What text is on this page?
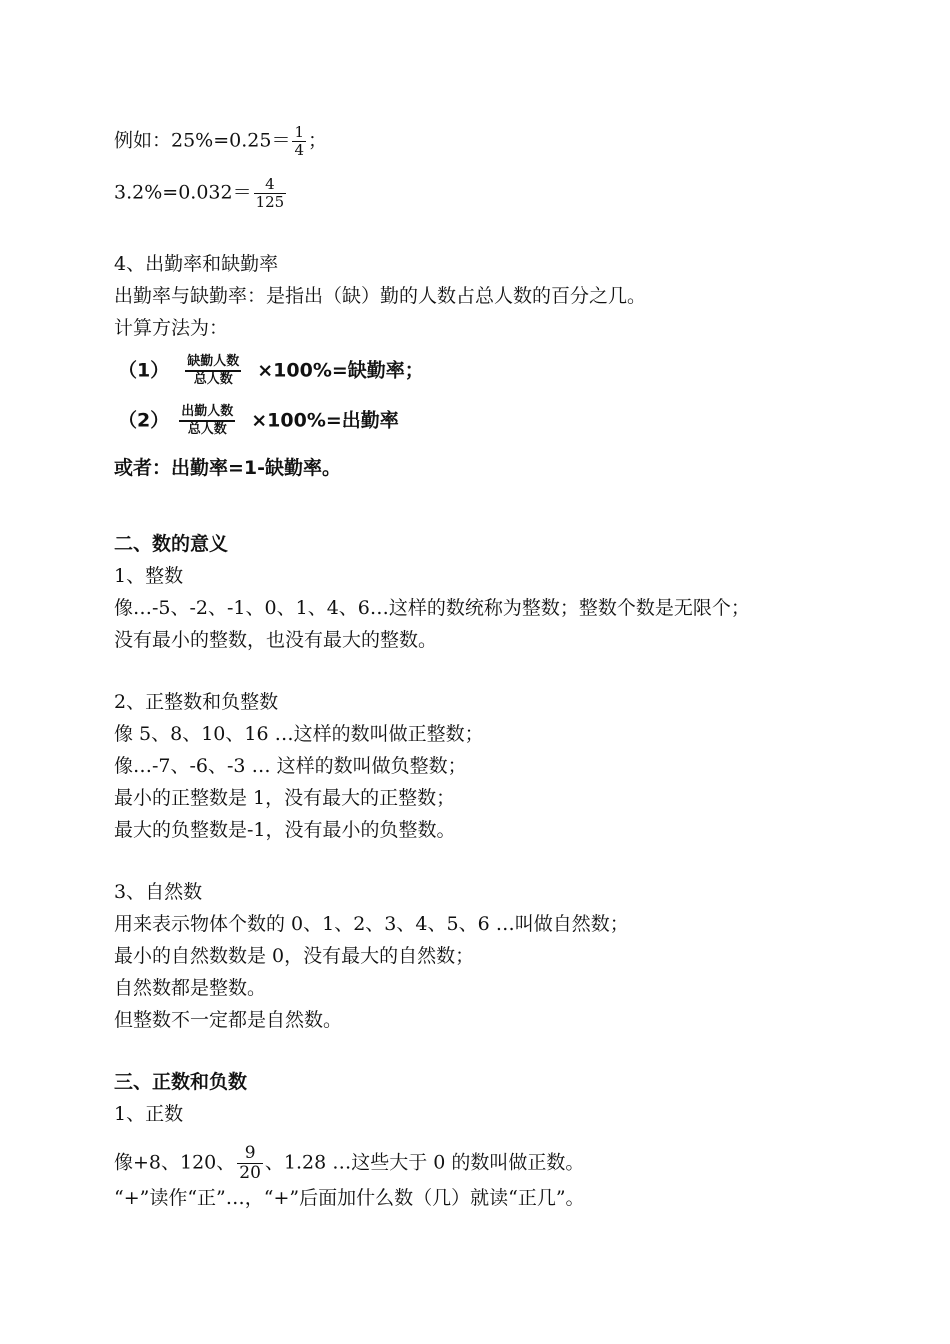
例如：$25\%=0.25= \frac{1}{4}$ ；
$3.2\%=0.032= \frac{4}{125}$
4、出勤率和缺勤率
出勤率与缺勤率：是指出（缺）勤的人数占总人数的百分之几。
计算方法为：
$(1) \frac{\text{缺勤人数}}{\text{总人数}} \times 100\%=$缺勤率；
$(2) \frac{\text{出勤人数}}{\text{总人数}} \times 100\%=$出勤率
或者：出勤率=1-缺勤率。
二、数的意义
1、整数
像…-5、-2、-1、0、1、4、6…这样的数统称为整数；整数个数是无限个；
没有最小的整数，也没有最大的整数。
2、正整数和负整数
像 5、8、10、16 …这样的数叫做正整数；
像…-7、-6、-3 … 这样的数叫做负整数；
最小的正整数是 1，没有最大的正整数；
最大的负整数是-1，没有最小的负整数。
3、自然数
用来表示物体个数的 0、1、2、3、4、5、6 …叫做自然数；
最小的自然数数是 0，没有最大的自然数；
自然数都是整数。
但整数不一定都是自然数。
三、正数和负数
1、正数
像+8、120、 $\frac{9}{20}$ 、1.28 …这些大于 0 的数叫做正数。
“+”读作“正”…，“+”后面加什么数（几）就读“正几”。
